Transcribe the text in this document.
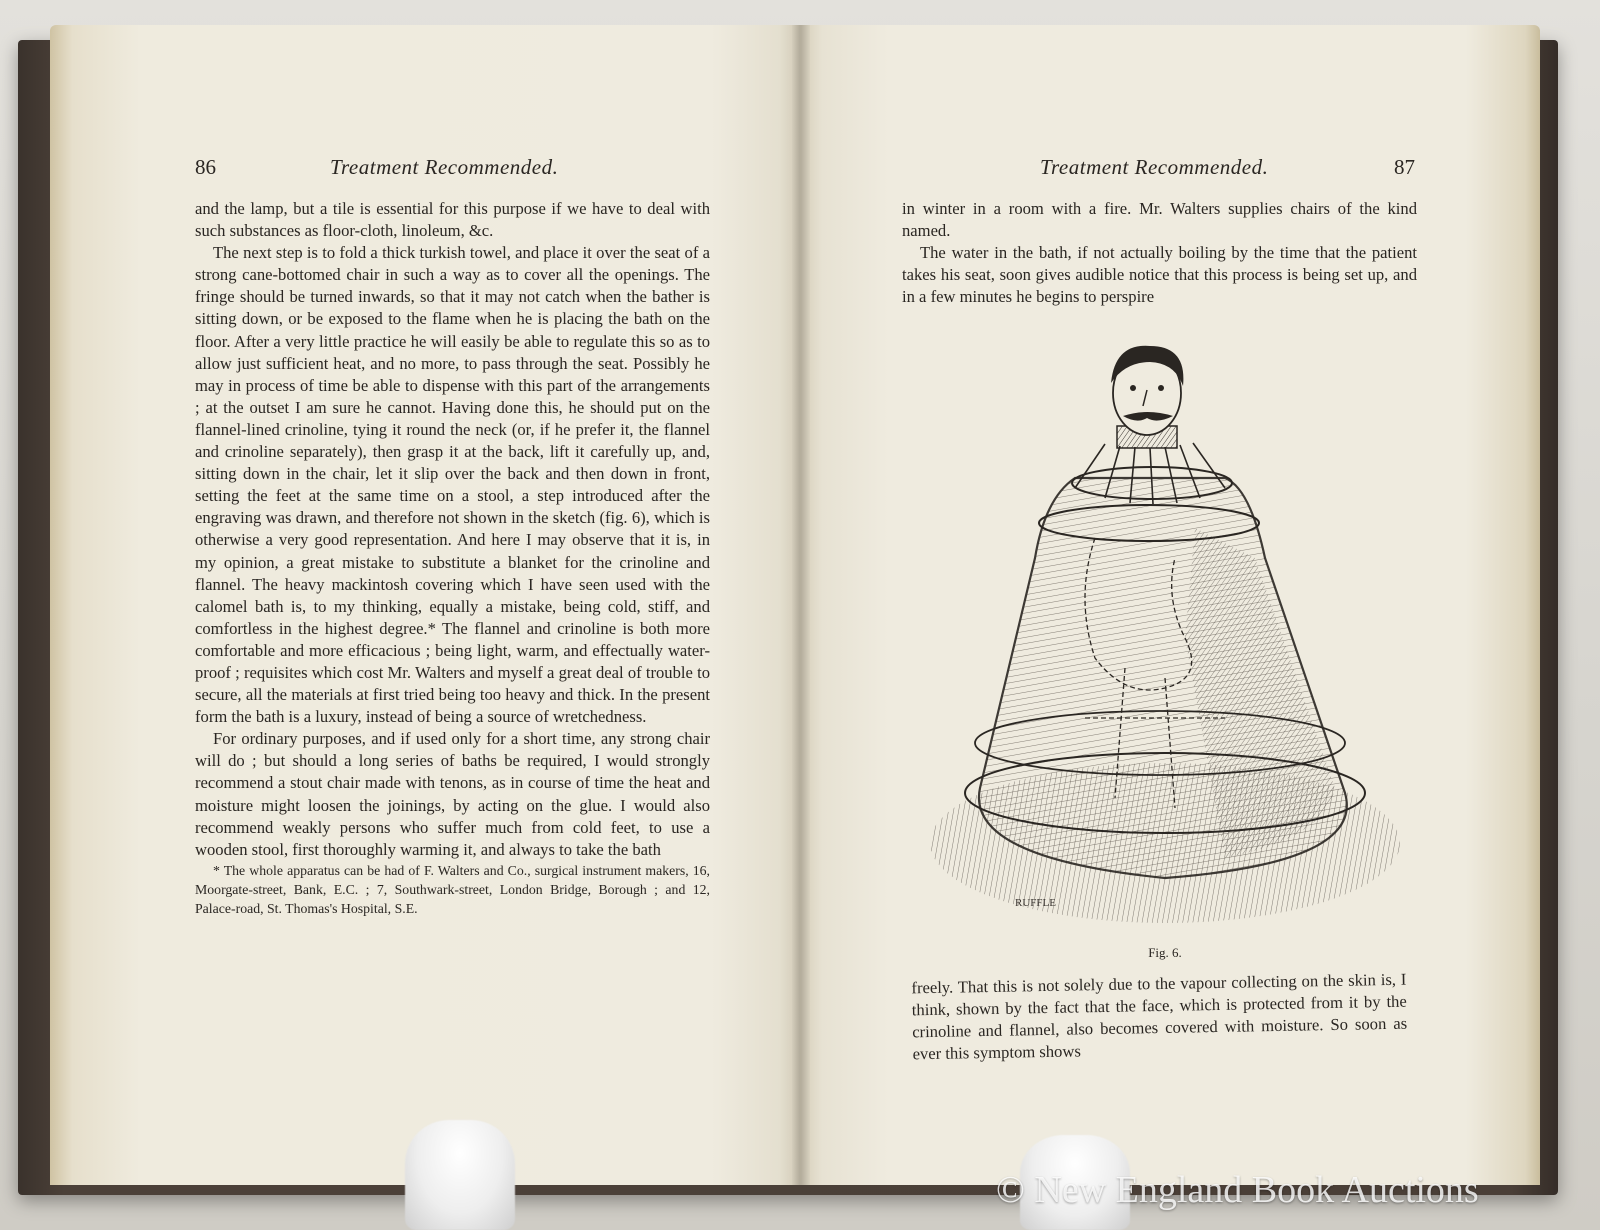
86	Treatment Recommended.

and the lamp, but a tile is essential for this purpose if we have to deal with such substances as floor-cloth, linoleum, &c.

The next step is to fold a thick turkish towel, and place it over the seat of a strong cane-bottomed chair in such a way as to cover all the openings. The fringe should be turned inwards, so that it may not catch when the bather is sitting down, or be exposed to the flame when he is placing the bath on the floor. After a very little practice he will easily be able to regulate this so as to allow just sufficient heat, and no more, to pass through the seat. Possibly he may in process of time be able to dispense with this part of the arrangements ; at the outset I am sure he cannot. Having done this, he should put on the flannel-lined crinoline, tying it round the neck (or, if he prefer it, the flannel and crinoline separately), then grasp it at the back, lift it carefully up, and, sitting down in the chair, let it slip over the back and then down in front, setting the feet at the same time on a stool, a step introduced after the engraving was drawn, and therefore not shown in the sketch (fig. 6), which is otherwise a very good representation. And here I may observe that it is, in my opinion, a great mistake to substitute a blanket for the crinoline and flannel. The heavy mackintosh covering which I have seen used with the calomel bath is, to my thinking, equally a mistake, being cold, stiff, and comfortless in the highest degree.* The flannel and crinoline is both more comfortable and more efficacious ; being light, warm, and effectually water-proof ; requisites which cost Mr. Walters and myself a great deal of trouble to secure, all the materials at first tried being too heavy and thick. In the present form the bath is a luxury, instead of being a source of wretchedness.

For ordinary purposes, and if used only for a short time, any strong chair will do ; but should a long series of baths be required, I would strongly recommend a stout chair made with tenons, as in course of time the heat and moisture might loosen the joinings, by acting on the glue. I would also recommend weakly persons who suffer much from cold feet, to use a wooden stool, first thoroughly warming it, and always to take the bath

* The whole apparatus can be had of F. Walters and Co., surgical instrument makers, 16, Moorgate-street, Bank, E.C. ; 7, Southwark-street, London Bridge, Borough ; and 12, Palace-road, St. Thomas's Hospital, S.E.

Treatment Recommended.	87

in winter in a room with a fire. Mr. Walters supplies chairs of the kind named.

The water in the bath, if not actually boiling by the time that the patient takes his seat, soon gives audible notice that this process is being set up, and in a few minutes he begins to perspire

RUFFLE
Fig. 6.

freely. That this is not solely due to the vapour collecting on the skin is, I think, shown by the fact that the face, which is protected from it by the crinoline and flannel, also becomes covered with moisture. So soon as ever this symptom shows

© New England Book Auctions
